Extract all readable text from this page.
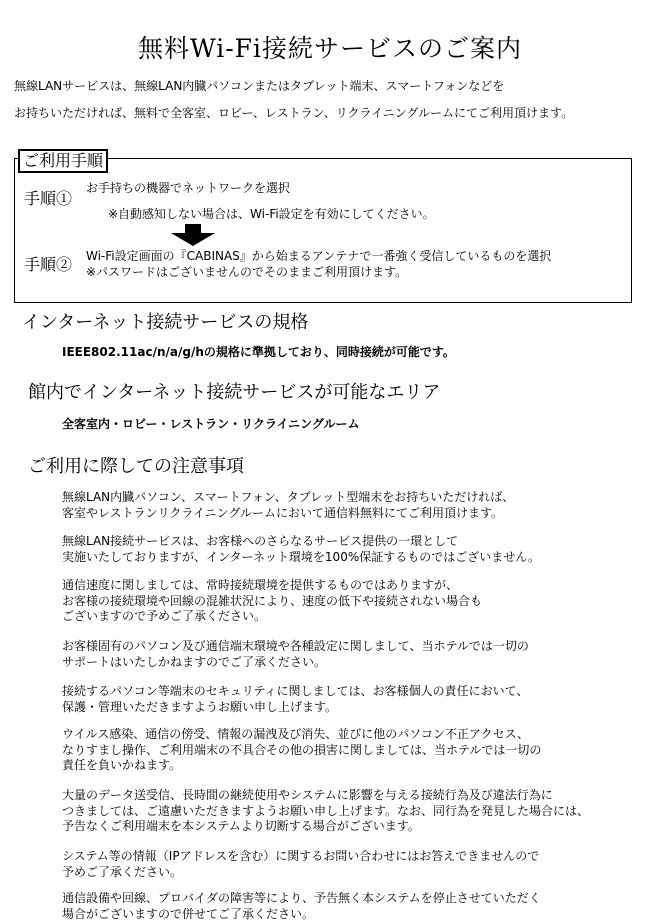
無料Wi-Fi接続サービスのご案内
無線LANサービスは、無線LAN内臓パソコンまたはタブレット端末、スマートフォンなどを
お持ちいただければ、無料で全客室、ロビー、レストラン、リクライニングルームにてご利用頂けます。
ご利用手順
手順①
お手持ちの機器でネットワークを選択
※自動感知しない場合は、Wi-Fi設定を有効にしてください。
手順② Wi-Fi設定画面の『CABINAS』から始まるアンテナで一番強く受信しているものを選択
※パスワードはございませんのでそのままご利用頂けます。
インターネット接続サービスの規格
IEEE802.11ac/n/a/g/hの規格に準拠しており、同時接続が可能です。
館内でインターネット接続サービスが可能なエリア
全客室内・ロビー・レストラン・リクライニングルーム
ご利用に際しての注意事項
無線LAN内臓パソコン、スマートフォン、タブレット型端末をお持ちいただければ、
客室やレストランリクライニングルームにおいて通信料無料にてご利用頂けます。
無線LAN接続サービスは、お客様へのさらなるサービス提供の一環として
実施いたしておりますが、インターネット環境を100%保証するものではございません。
通信速度に関しましては、常時接続環境を提供するものではありますが、
お客様の接続環境や回線の混雑状況により、速度の低下や接続されない場合も
ございますので予めご了承ください。
お客様固有のパソコン及び通信端末環境や各種設定に関しまして、当ホテルでは一切の
サポートはいたしかねますのでご了承ください。
接続するパソコン等端末のセキュリティに関しましては、お客様個人の責任において、
保護・管理いただきますようお願い申し上げます。
ウイルス感染、通信の傍受、情報の漏洩及び消失、並びに他のパソコン不正アクセス、
なりすまし操作、ご利用端末の不具合その他の損害に関しましては、当ホテルでは一切の
責任を負いかねます。
大量のデータ送受信、長時間の継続使用やシステムに影響を与える接続行為及び違法行為に
つきましては、ご遠慮いただきますようお願い申し上げます。なお、同行為を発見した場合には、
予告なくご利用端末を本システムより切断する場合がございます。
システム等の情報（IPアドレスを含む）に関するお問い合わせにはお答えできませんので
予めご了承ください。
通信設備や回線、プロバイダの障害等により、予告無く本システムを停止させていただく
場合がございますので併せてご了承ください。
